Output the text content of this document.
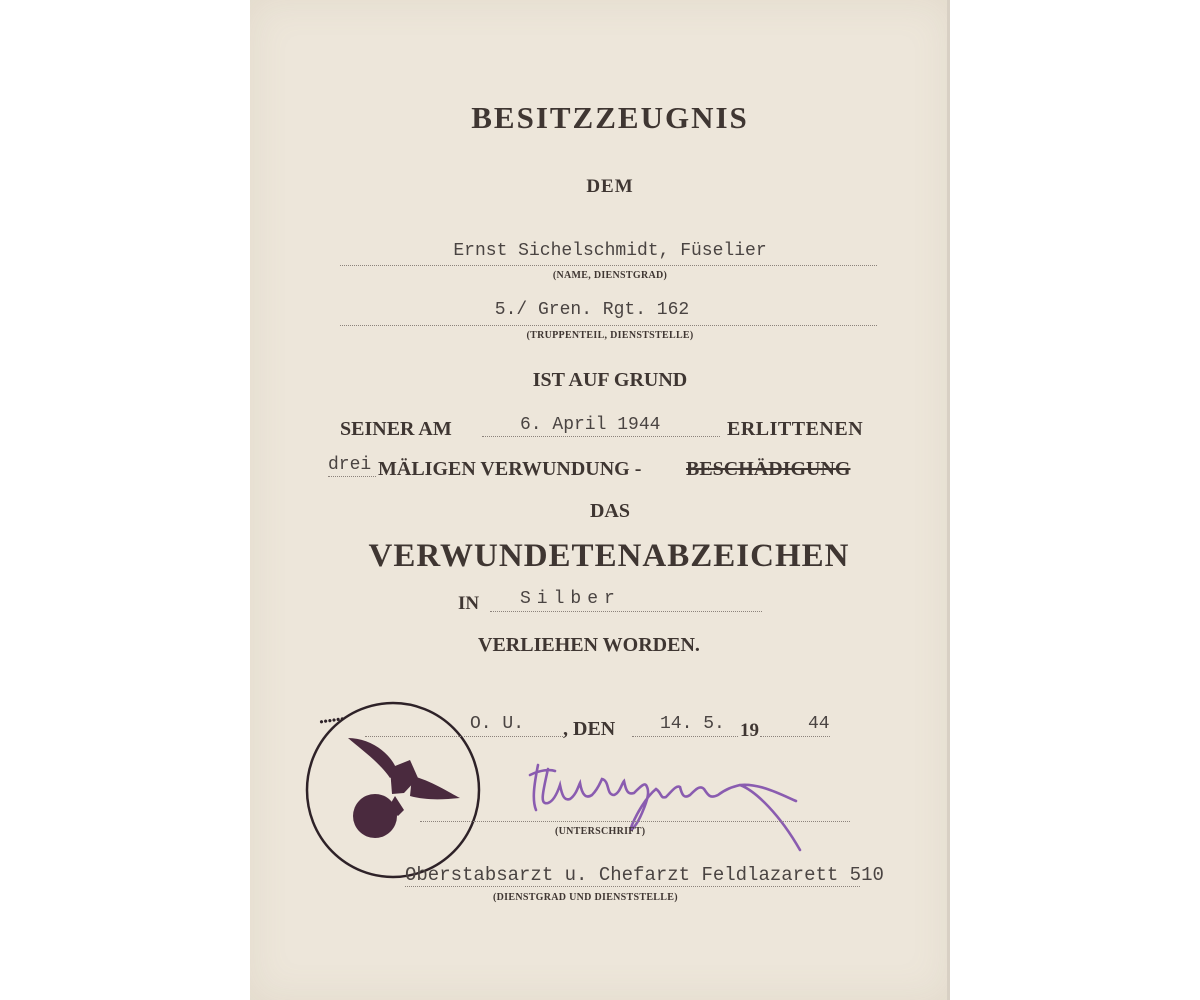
BESITZZEUGNIS
DEM
Ernst Sichelschmidt, Füselier
(NAME, DIENSTGRAD)
5./ Gren. Rgt. 162
(TRUPPENTEIL, DIENSTSTELLE)
IST AUF GRUND
SEINER AM	6. April 1944	ERLITTENEN
drei MÄLIGEN VERWUNDUNG - BESCHÄDIGUNG
DAS
VERWUNDETENABZEICHEN
IN Silber
VERLIEHEN WORDEN.
••••••	O. U. , DEN 14. 5. 19	44
(UNTERSCHRIFT)
Oberstabsarzt u. Chefarzt Feldlazarett 510
(DIENSTGRAD UND DIENSTSTELLE)
